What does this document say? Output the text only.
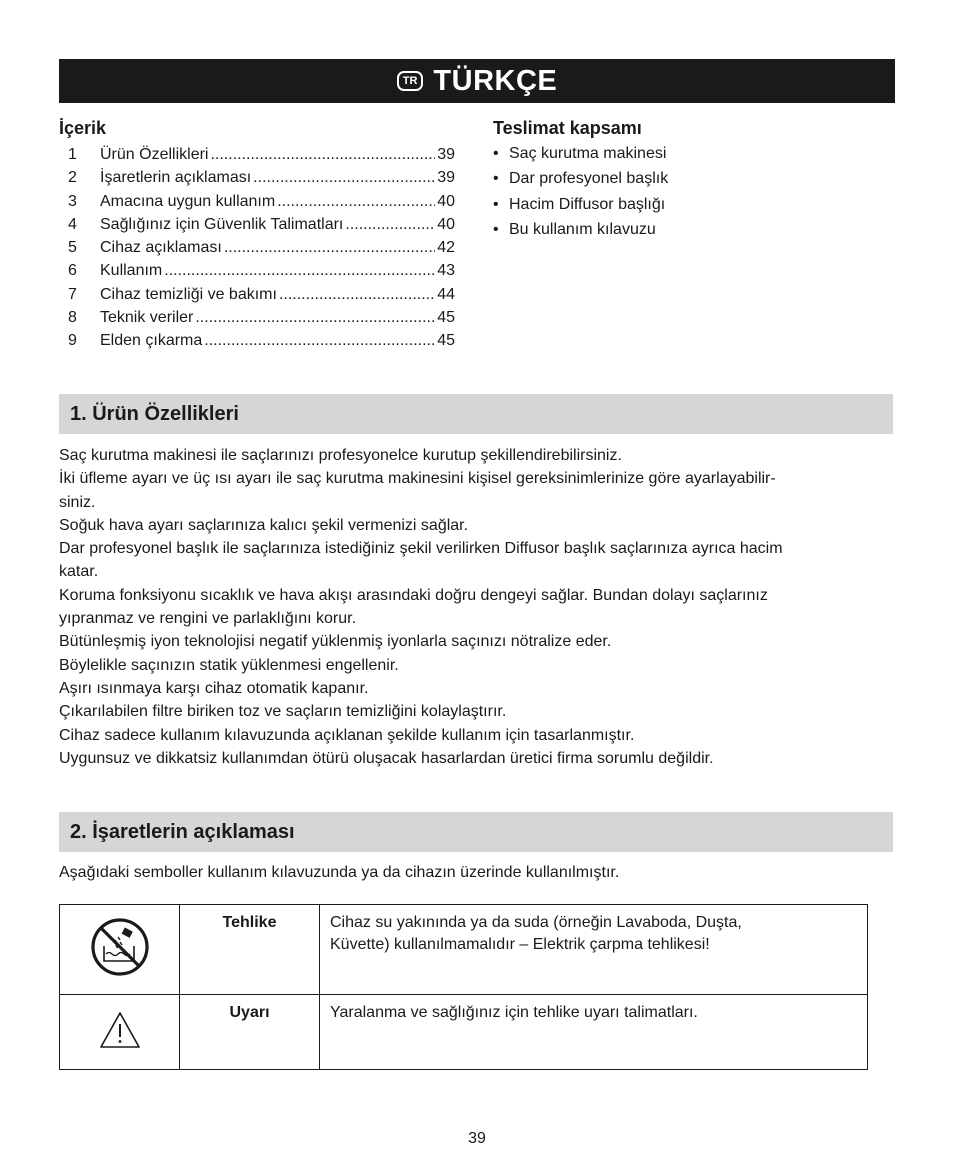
TR TÜRKÇE
İçerik
1	Ürün Özellikleri .....	39
2	İşaretlerin açıklaması .....	39
3	Amacına uygun kullanım .....	40
4	Sağlığınız için Güvenlik Talimatları .....	40
5	Cihaz açıklaması .....	42
6	Kullanım .....	43
7	Cihaz temizliği ve bakımı .....	44
8	Teknik veriler .....	45
9	Elden çıkarma .....	45
Teslimat kapsamı
• Saç kurutma makinesi
• Dar profesyonel başlık
• Hacim Diffusor başlığı
• Bu kullanım kılavuzu
1. Ürün Özellikleri

Saç kurutma makinesi ile saçlarınızı profesyonelce kurutup şekillendirebilirsiniz.

İki üfleme ayarı ve üç ısı ayarı ile saç kurutma makinesini kişisel gereksinimlerinize göre ayarlayabilir-

siniz.

Soğuk hava ayarı saçlarınıza kalıcı şekil vermenizi sağlar.

Dar profesyonel başlık ile saçlarınıza istediğiniz şekil verilirken Diffusor başlık saçlarınıza ayrıca hacim

katar.

Koruma fonksiyonu sıcaklık ve hava akışı arasındaki doğru dengeyi sağlar. Bundan dolayı saçlarınız

yıpranmaz ve rengini ve parlaklığını korur.

Bütünleşmiş iyon teknolojisi negatif yüklenmiş iyonlarla saçınızı nötralize eder.

Böylelikle saçınızın statik yüklenmesi engellenir.

Aşırı ısınmaya karşı cihaz otomatik kapanır.

Çıkarılabilen filtre biriken toz ve saçların temizliğini kolaylaştırır.

Cihaz sadece kullanım kılavuzunda açıklanan şekilde kullanım için tasarlanmıştır.

Uygunsuz ve dikkatsiz kullanımdan ötürü oluşacak hasarlardan üretici firma sorumlu değildir.

2. İşaretlerin açıklaması

Aşağıdaki semboller kullanım kılavuzunda ya da cihazın üzerinde kullanılmıştır.

	Tehlike	Cihaz su yakınında ya da suda (örneğin Lavaboda, Duşta,
Küvette) kullanılmamalıdır – Elektrik çarpma tehlikesi!

	Uyarı	Yaralanma ve sağlığınız için tehlike uyarı talimatları.
39
